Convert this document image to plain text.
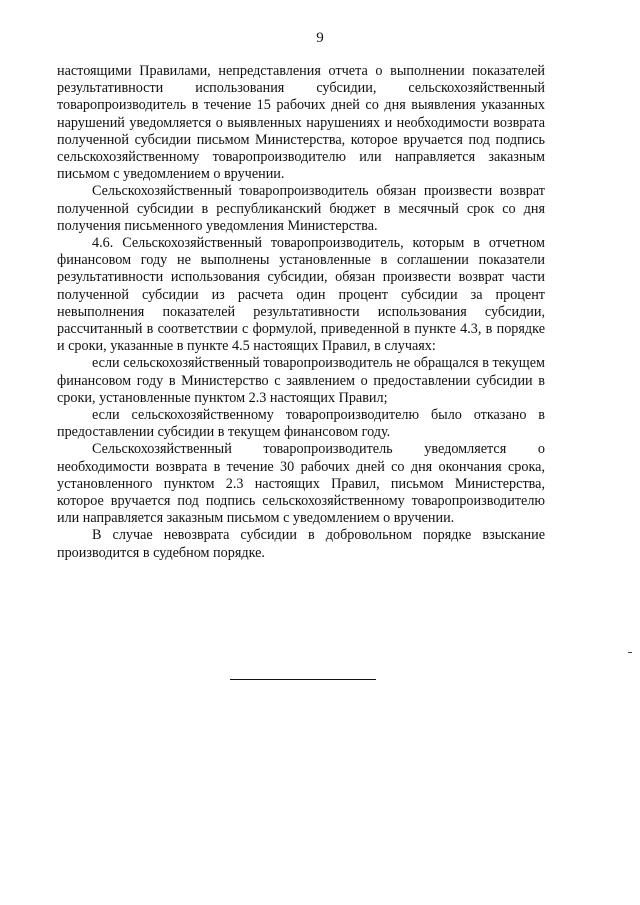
9

настоящими Правилами, непредставления отчета о выполнении показателей результативности использования субсидии, сельскохозяйственный товаропроизводитель в течение 15 рабочих дней со дня выявления указанных нарушений уведомляется о выявленных нарушениях и необходимости возврата полученной субсидии письмом Министерства, которое вручается под подпись сельскохозяйственному товаропроизводителю или направляется заказным письмом с уведомлением о вручении.

Сельскохозяйственный товаропроизводитель обязан произвести возврат полученной субсидии в республиканский бюджет в месячный срок со дня получения письменного уведомления Министерства.

4.6. Сельскохозяйственный товаропроизводитель, которым в отчетном финансовом году не выполнены установленные в соглашении показатели результативности использования субсидии, обязан произвести возврат части полученной субсидии из расчета один процент субсидии за процент невыполнения показателей результативности использования субсидии, рассчитанный в соответствии с формулой, приведенной в пункте 4.3, в порядке и сроки, указанные в пункте 4.5 настоящих Правил, в случаях:

если сельскохозяйственный товаропроизводитель не обращался в текущем финансовом году в Министерство с заявлением о предоставлении субсидии в сроки, установленные пунктом 2.3 настоящих Правил;

если сельскохозяйственному товаропроизводителю было отказано в предоставлении субсидии в текущем финансовом году.

Сельскохозяйственный товаропроизводитель уведомляется о необходимости возврата в течение 30 рабочих дней со дня окончания срока, установленного пунктом 2.3 настоящих Правил, письмом Министерства, которое вручается под подпись сельскохозяйственному товаропроизводителю или направляется заказным письмом с уведомлением о вручении.

В случае невозврата субсидии в добровольном порядке взыскание производится в судебном порядке.
